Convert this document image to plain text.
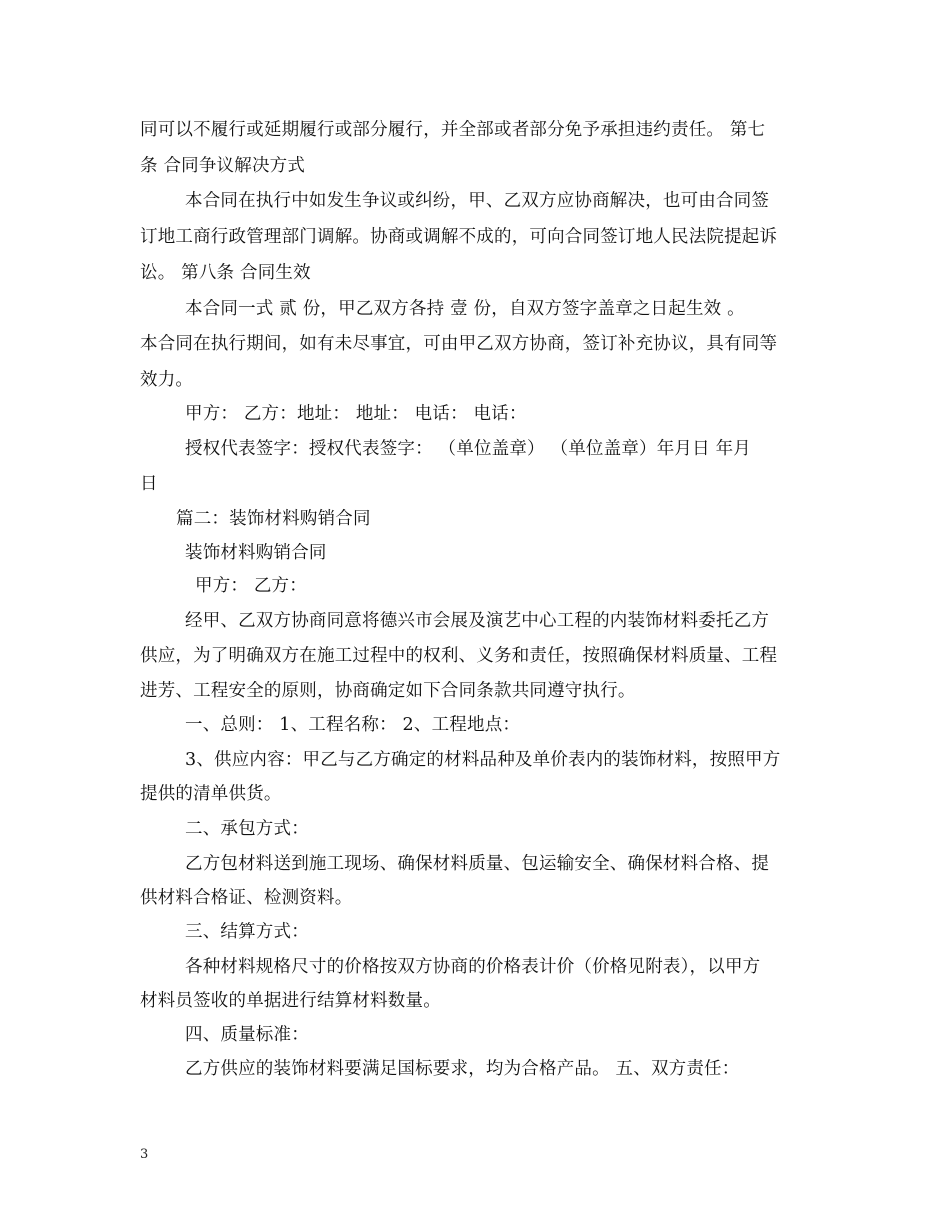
同可以不履行或延期履行或部分履行，并全部或者部分免予承担违约责任。 第七
条 合同争议解决方式
本合同在执行中如发生争议或纠纷，甲、乙双方应协商解决，也可由合同签
订地工商行政管理部门调解。协商或调解不成的，可向合同签订地人民法院提起诉
讼。 第八条 合同生效
本合同一式 贰 份，甲乙双方各持 壹 份，自双方签字盖章之日起生效 。
本合同在执行期间，如有未尽事宜，可由甲乙双方协商，签订补充协议，具有同等
效力。
甲方： 乙方：地址： 地址： 电话： 电话：
授权代表签字：授权代表签字： （单位盖章） （单位盖章）年月日 年月
日
篇二：装饰材料购销合同
装饰材料购销合同
甲方： 乙方：
经甲、乙双方协商同意将德兴市会展及演艺中心工程的内装饰材料委托乙方
供应，为了明确双方在施工过程中的权利、义务和责任，按照确保材料质量、工程
进芳、工程安全的原则，协商确定如下合同条款共同遵守执行。
一、总则： 1、工程名称： 2、工程地点：
3、供应内容：甲乙与乙方确定的材料品种及单价表内的装饰材料，按照甲方
提供的清单供货。
二、承包方式：
乙方包材料送到施工现场、确保材料质量、包运输安全、确保材料合格、提
供材料合格证、检测资料。
三、结算方式：
各种材料规格尺寸的价格按双方协商的价格表计价（价格见附表），以甲方
材料员签收的单据进行结算材料数量。
四、质量标准：
乙方供应的装饰材料要满足国标要求，均为合格产品。 五、双方责任：
3
